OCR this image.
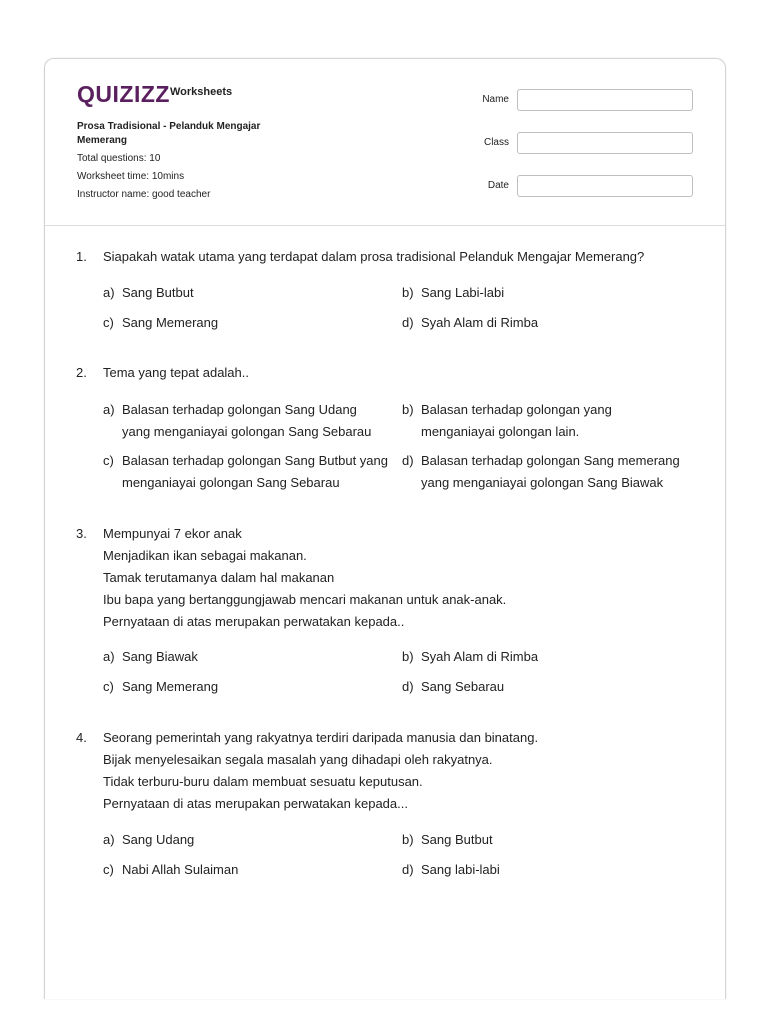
QUIZIZZ Worksheets
Prosa Tradisional - Pelanduk Mengajar Memerang
Total questions: 10
Worksheet time: 10mins
Instructor name: good teacher
Name
Class
Date
1. Siapakah watak utama yang terdapat dalam prosa tradisional Pelanduk Mengajar Memerang?
a) Sang Butbut	b) Sang Labi-labi
c) Sang Memerang	d) Syah Alam di Rimba
2. Tema yang tepat adalah..
a) Balasan terhadap golongan Sang Udang yang menganiayai golongan Sang Sebarau
b) Balasan terhadap golongan yang menganiayai golongan lain.
c) Balasan terhadap golongan Sang Butbut yang menganiayai golongan Sang Sebarau
d) Balasan terhadap golongan Sang memerang yang menganiayai golongan Sang Biawak
3. Mempunyai 7 ekor anak
Menjadikan ikan sebagai makanan.
Tamak terutamanya dalam hal makanan
Ibu bapa yang bertanggungjawab mencari makanan untuk anak-anak.
Pernyataan di atas merupakan perwatakan kepada..
a) Sang Biawak	b) Syah Alam di Rimba
c) Sang Memerang	d) Sang Sebarau
4. Seorang pemerintah yang rakyatnya terdiri daripada manusia dan binatang.
Bijak menyelesaikan segala masalah yang dihadapi oleh rakyatnya.
Tidak terburu-buru dalam membuat sesuatu keputusan.
Pernyataan di atas merupakan perwatakan kepada...
a) Sang Udang	b) Sang Butbut
c) Nabi Allah Sulaiman	d) Sang labi-labi
